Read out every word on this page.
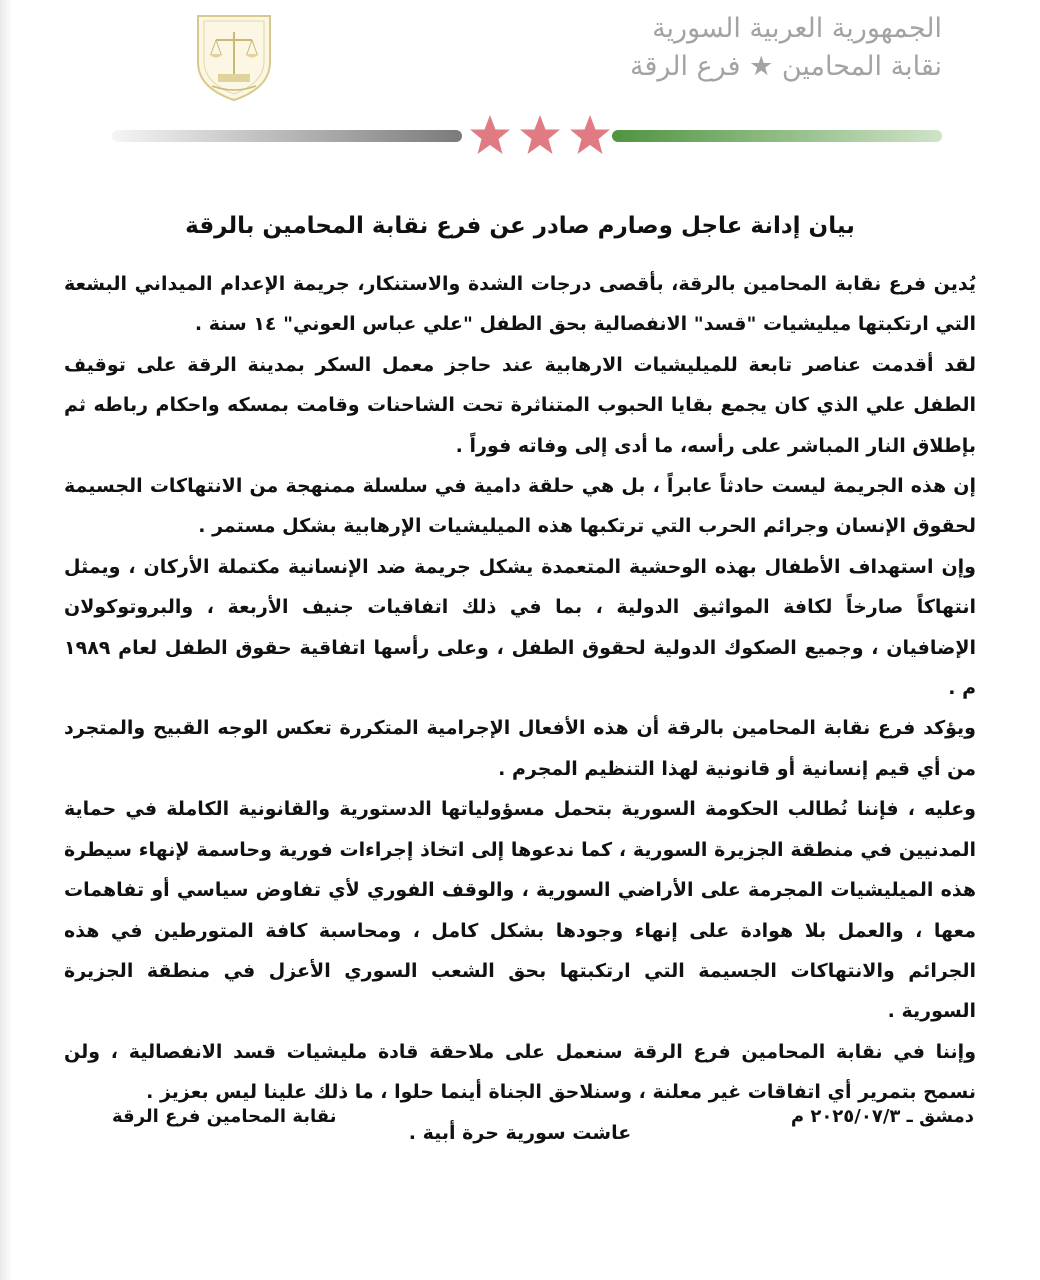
الجمهورية العربية السورية
نقابة المحامين ★ فرع الرقة
بيان إدانة عاجل وصارم صادر عن فرع نقابة المحامين بالرقة

يُدين فرع نقابة المحامين بالرقة، بأقصى درجات الشدة والاستنكار، جريمة الإعدام الميداني البشعة التي ارتكبتها ميليشيات "قسد" الانفصالية بحق الطفل "علي عباس العوني" ١٤ سنة .

لقد أقدمت عناصر تابعة للميليشيات الارهابية عند حاجز معمل السكر بمدينة الرقة على توقيف الطفل علي الذي كان يجمع بقايا الحبوب المتناثرة تحت الشاحنات وقامت بمسكه واحكام رباطه ثم بإطلاق النار المباشر على رأسه، ما أدى إلى وفاته فوراً .

إن هذه الجريمة ليست حادثاً عابراً ، بل هي حلقة دامية في سلسلة ممنهجة من الانتهاكات الجسيمة لحقوق الإنسان وجرائم الحرب التي ترتكبها هذه الميليشيات الإرهابية بشكل مستمر .

وإن استهداف الأطفال بهذه الوحشية المتعمدة يشكل جريمة ضد الإنسانية مكتملة الأركان ، ويمثل انتهاكاً صارخاً لكافة المواثيق الدولية ، بما في ذلك اتفاقيات جنيف الأربعة ، والبروتوكولان الإضافيان ، وجميع الصكوك الدولية لحقوق الطفل ، وعلى رأسها اتفاقية حقوق الطفل لعام ١٩٨٩ م .

ويؤكد فرع نقابة المحامين بالرقة أن هذه الأفعال الإجرامية المتكررة تعكس الوجه القبيح والمتجرد من أي قيم إنسانية أو قانونية لهذا التنظيم المجرم .

وعليه ، فإننا نُطالب الحكومة السورية بتحمل مسؤولياتها الدستورية والقانونية الكاملة في حماية المدنيين في منطقة الجزيرة السورية ، كما ندعوها إلى اتخاذ إجراءات فورية وحاسمة لإنهاء سيطرة هذه الميليشيات المجرمة على الأراضي السورية ، والوقف الفوري لأي تفاوض سياسي أو تفاهمات معها ، والعمل بلا هوادة على إنهاء وجودها بشكل كامل ، ومحاسبة كافة المتورطين في هذه الجرائم والانتهاكات الجسيمة التي ارتكبتها بحق الشعب السوري الأعزل في منطقة الجزيرة السورية .

وإننا في نقابة المحامين فرع الرقة سنعمل على ملاحقة قادة مليشيات قسد الانفصالية ، ولن نسمح بتمرير أي اتفاقات غير معلنة ، وسنلاحق الجناة أينما حلوا ، ما ذلك علينا ليس بعزيز .

عاشت سورية حرة أبية .

دمشق ـ ٢٠٢٥/٠٧/٣ م
نقابة المحامين فرع الرقة
